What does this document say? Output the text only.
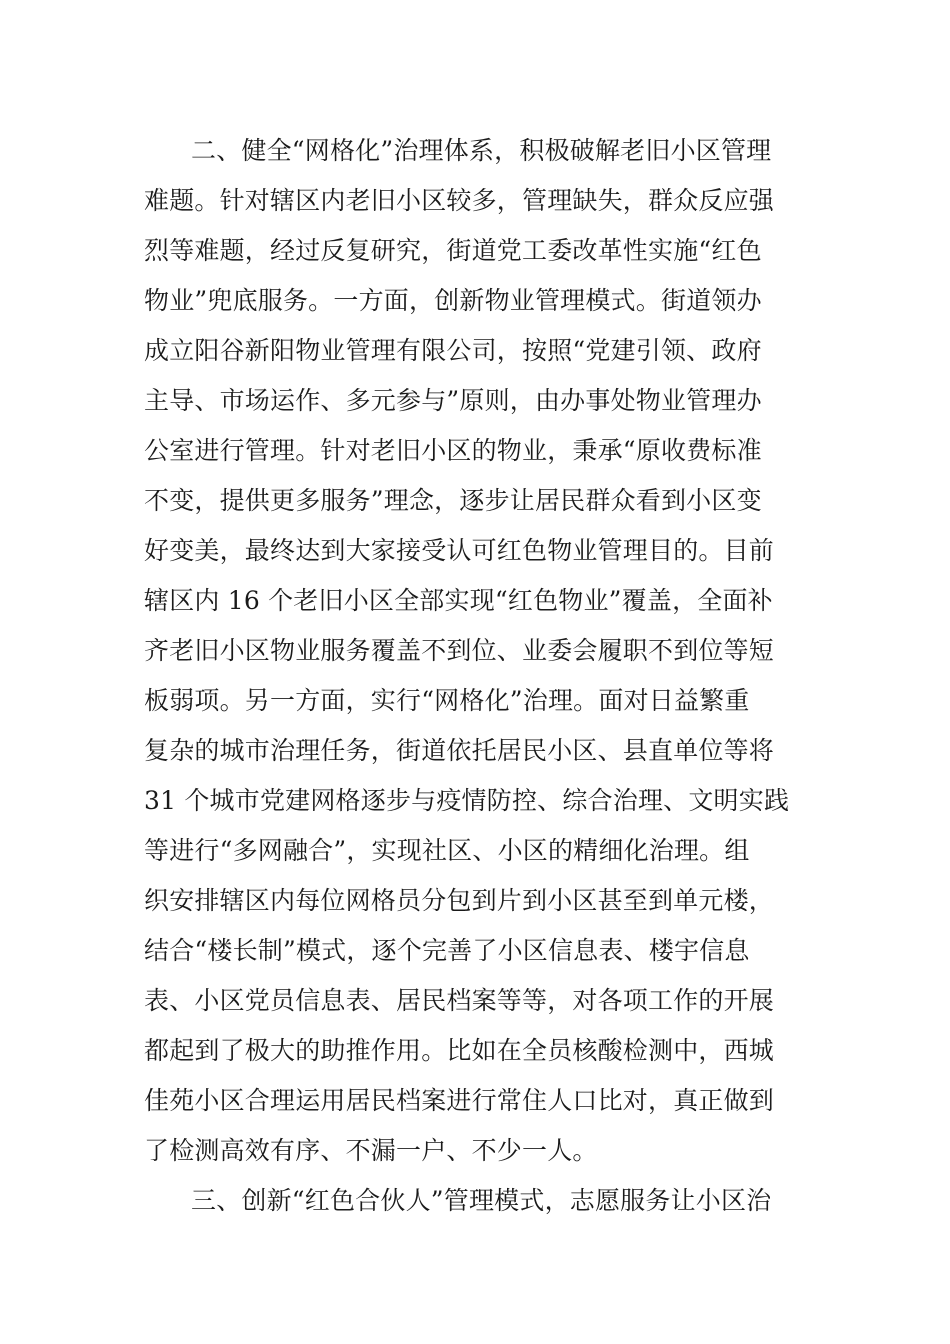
二、健全“网格化”治理体系，积极破解老旧小区管理
难题。针对辖区内老旧小区较多，管理缺失，群众反应强
烈等难题，经过反复研究，街道党工委改革性实施“红色
物业”兜底服务。一方面，创新物业管理模式。街道领办
成立阳谷新阳物业管理有限公司，按照“党建引领、政府
主导、市场运作、多元参与”原则，由办事处物业管理办
公室进行管理。针对老旧小区的物业，秉承“原收费标准
不变，提供更多服务”理念，逐步让居民群众看到小区变
好变美，最终达到大家接受认可红色物业管理目的。目前
辖区内 16 个老旧小区全部实现“红色物业”覆盖，全面补
齐老旧小区物业服务覆盖不到位、业委会履职不到位等短
板弱项。另一方面，实行“网格化”治理。面对日益繁重
复杂的城市治理任务，街道依托居民小区、县直单位等将
31 个城市党建网格逐步与疫情防控、综合治理、文明实践
等进行“多网融合”，实现社区、小区的精细化治理。组
织安排辖区内每位网格员分包到片到小区甚至到单元楼，
结合“楼长制”模式，逐个完善了小区信息表、楼宇信息
表、小区党员信息表、居民档案等等，对各项工作的开展
都起到了极大的助推作用。比如在全员核酸检测中，西城
佳苑小区合理运用居民档案进行常住人口比对，真正做到
了检测高效有序、不漏一户、不少一人。
三、创新“红色合伙人”管理模式，志愿服务让小区治
